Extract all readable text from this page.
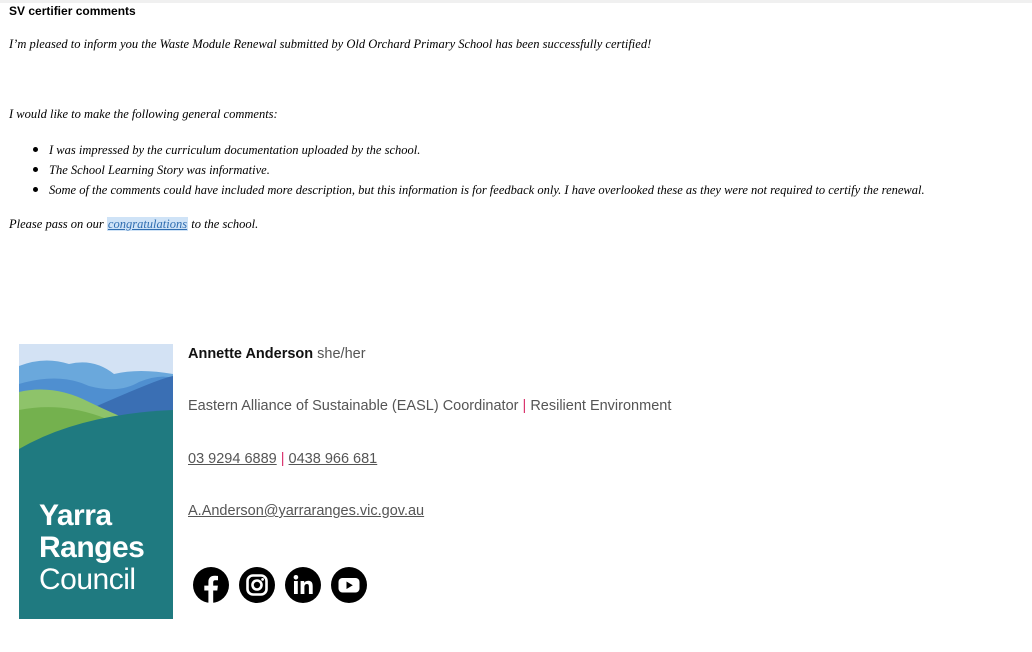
SV certifier comments
I’m pleased to inform you the Waste Module Renewal submitted by Old Orchard Primary School has been successfully certified!
I would like to make the following general comments:
I was impressed by the curriculum documentation uploaded by the school.
The School Learning Story was informative.
Some of the comments could have included more description, but this information is for feedback only. I have overlooked these as they were not required to certify the renewal.
Please pass on our congratulations to the school.
Yarra
Ranges
Council
Annette Anderson she/her
Eastern Alliance of Sustainable (EASL) Coordinator | Resilient Environment
03 9294 6889 | 0438 966 681
A.Anderson@yarraranges.vic.gov.au
